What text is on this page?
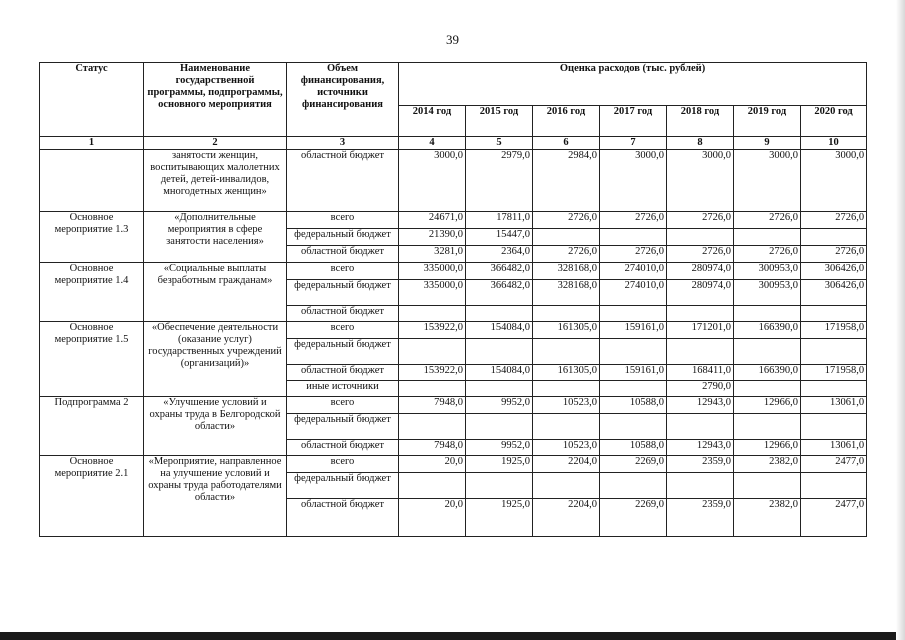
39
Статус	Наименование государственной программы, подпрограммы, основного мероприятия	Объем финансирования, источники финансирования	Оценка расходов (тыс. рублей)						
			2014 год	2015 год	2016 год	2017 год	2018 год	2019 год	2020 год
1	2	3	4	5	6	7	8	9	10
	занятости женщин, воспитывающих малолетних детей, детей-инвалидов, многодетных женщин»	областной бюджет	3000,0	2979,0	2984,0	3000,0	3000,0	3000,0	3000,0
Основное мероприятие 1.3	«Дополнительные мероприятия в сфере занятости населения»	всего	24671,0	17811,0	2726,0	2726,0	2726,0	2726,0	2726,0
		федеральный бюджет	21390,0	15447,0					
		областной бюджет	3281,0	2364,0	2726,0	2726,0	2726,0	2726,0	2726,0
Основное мероприятие 1.4	«Социальные выплаты безработным гражданам»	всего	335000,0	366482,0	328168,0	274010,0	280974,0	300953,0	306426,0
		федеральный бюджет	335000,0	366482,0	328168,0	274010,0	280974,0	300953,0	306426,0
		областной бюджет							
Основное мероприятие 1.5	«Обеспечение деятельности (оказание услуг) государственных учреждений (организаций)»	всего	153922,0	154084,0	161305,0	159161,0	171201,0	166390,0	171958,0
		федеральный бюджет							
		областной бюджет	153922,0	154084,0	161305,0	159161,0	168411,0	166390,0	171958,0
		иные источники					2790,0		
Подпрограмма 2	«Улучшение условий и охраны труда в Белгородской области»	всего	7948,0	9952,0	10523,0	10588,0	12943,0	12966,0	13061,0
		федеральный бюджет							
		областной бюджет	7948,0	9952,0	10523,0	10588,0	12943,0	12966,0	13061,0
Основное мероприятие 2.1	«Мероприятие, направленное на улучшение условий и охраны труда работодателями области»	всего	20,0	1925,0	2204,0	2269,0	2359,0	2382,0	2477,0
		федеральный бюджет							
		областной бюджет	20,0	1925,0	2204,0	2269,0	2359,0	2382,0	2477,0
